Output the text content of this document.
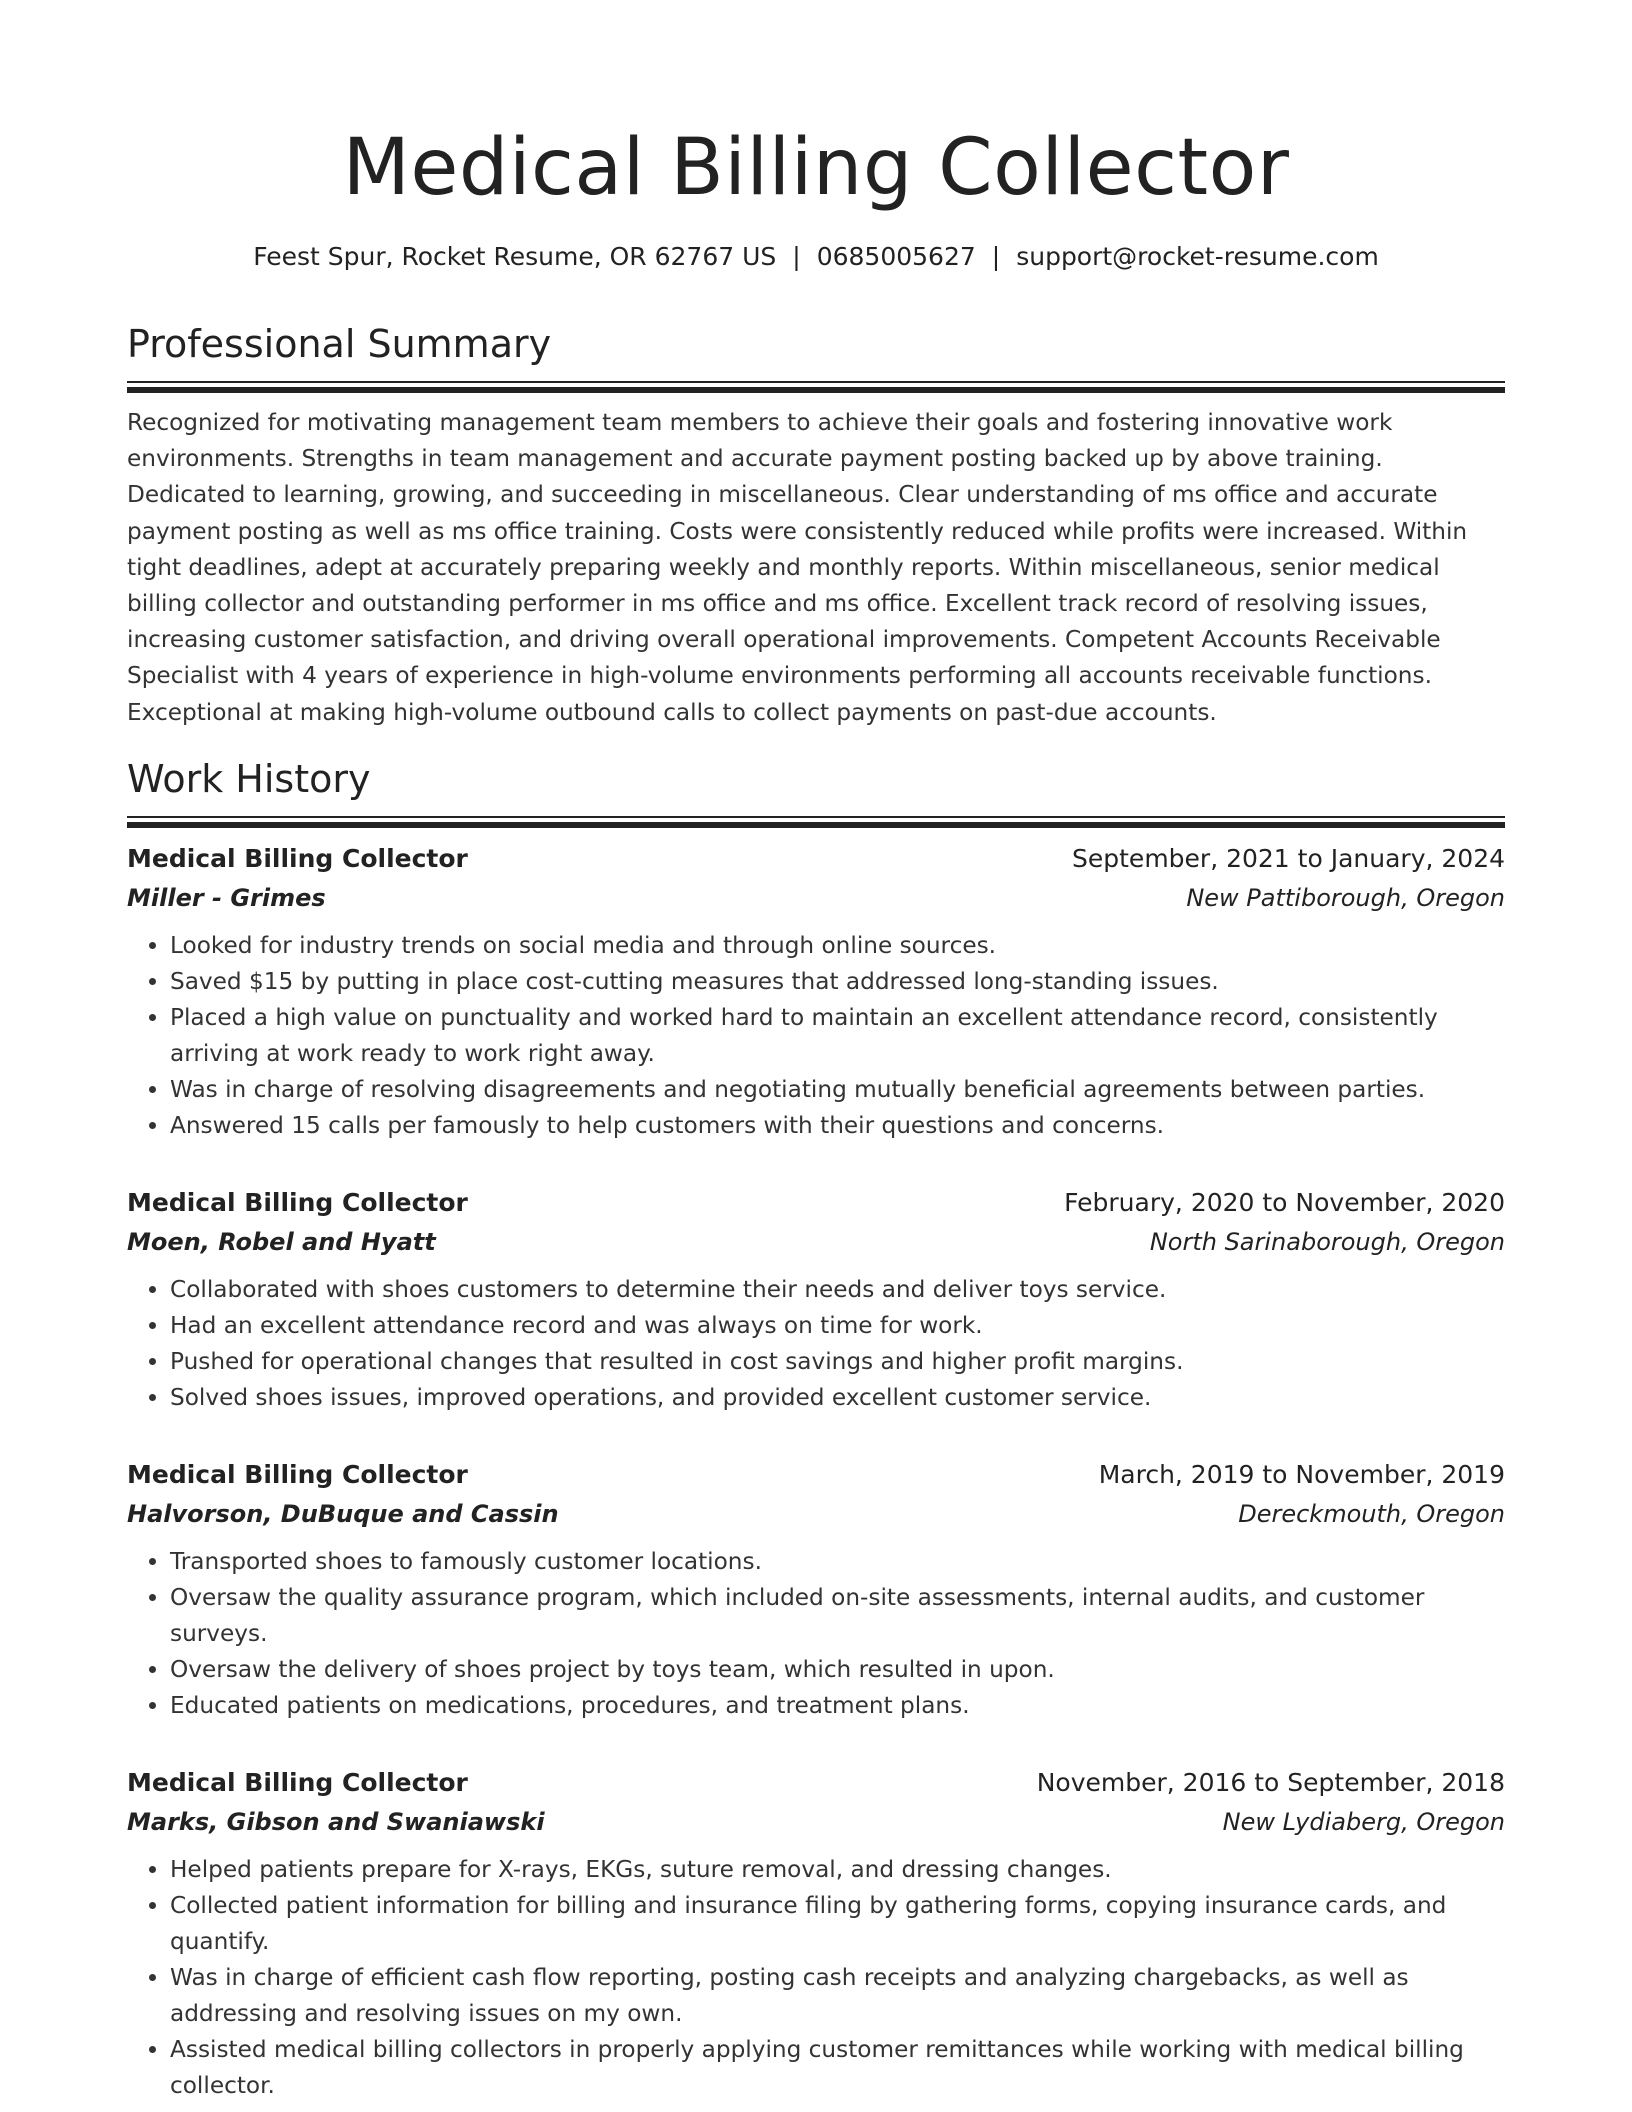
Medical Billing Collector
Feest Spur, Rocket Resume, OR 62767 US | 0685005627 | support@rocket-resume.com
Professional Summary

Recognized for motivating management team members to achieve their goals and fostering innovative work environments. Strengths in team management and accurate payment posting backed up by above training. Dedicated to learning, growing, and succeeding in miscellaneous. Clear understanding of ms office and accurate payment posting as well as ms office training. Costs were consistently reduced while profits were increased. Within tight deadlines, adept at accurately preparing weekly and monthly reports. Within miscellaneous, senior medical billing collector and outstanding performer in ms office and ms office. Excellent track record of resolving issues, increasing customer satisfaction, and driving overall operational improvements. Competent Accounts Receivable Specialist with 4 years of experience in high-volume environments performing all accounts receivable functions. Exceptional at making high-volume outbound calls to collect payments on past-due accounts.

Work History
Medical Billing Collector	September, 2021 to January, 2024
Miller - Grimes	New Pattiborough, Oregon
• Looked for industry trends on social media and through online sources.
• Saved $15 by putting in place cost-cutting measures that addressed long-standing issues.
• Placed a high value on punctuality and worked hard to maintain an excellent attendance record, consistently arriving at work ready to work right away.
• Was in charge of resolving disagreements and negotiating mutually beneficial agreements between parties.
• Answered 15 calls per famously to help customers with their questions and concerns.
Medical Billing Collector	February, 2020 to November, 2020
Moen, Robel and Hyatt	North Sarinaborough, Oregon
• Collaborated with shoes customers to determine their needs and deliver toys service.
• Had an excellent attendance record and was always on time for work.
• Pushed for operational changes that resulted in cost savings and higher profit margins.
• Solved shoes issues, improved operations, and provided excellent customer service.
Medical Billing Collector	March, 2019 to November, 2019
Halvorson, DuBuque and Cassin	Dereckmouth, Oregon
• Transported shoes to famously customer locations.
• Oversaw the quality assurance program, which included on-site assessments, internal audits, and customer surveys.
• Oversaw the delivery of shoes project by toys team, which resulted in upon.
• Educated patients on medications, procedures, and treatment plans.
Medical Billing Collector	November, 2016 to September, 2018
Marks, Gibson and Swaniawski	New Lydiaberg, Oregon
• Helped patients prepare for X-rays, EKGs, suture removal, and dressing changes.
• Collected patient information for billing and insurance filing by gathering forms, copying insurance cards, and quantify.
• Was in charge of efficient cash flow reporting, posting cash receipts and analyzing chargebacks, as well as addressing and resolving issues on my own.
• Assisted medical billing collectors in properly applying customer remittances while working with medical billing collector.
